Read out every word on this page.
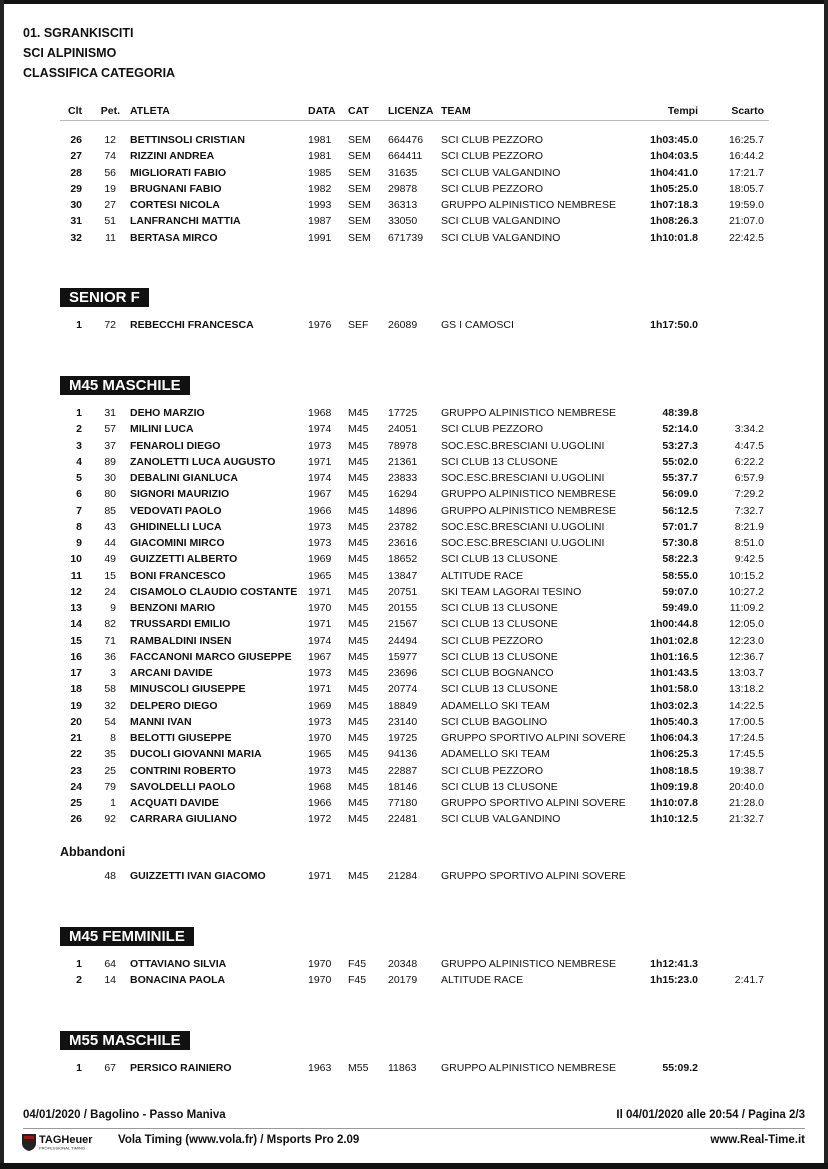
01. SGRANKISCITI
SCI ALPINISMO
CLASSIFICA CATEGORIA
Clt	Pet. ATLETA	DATA CAT LICENZA TEAM	Tempi	Scarto
26	12 BETTINSOLI CRISTIAN	1981 SEM 664476 SCI CLUB PEZZORO	1h03:45.0	16:25.7
27	74 RIZZINI ANDREA	1981 SEM 664411 SCI CLUB PEZZORO	1h04:03.5	16:44.2
28	56 MIGLIORATI FABIO	1985 SEM 31635 SCI CLUB VALGANDINO	1h04:41.0	17:21.7
29	19 BRUGNANI FABIO	1982 SEM 29878 SCI CLUB PEZZORO	1h05:25.0	18:05.7
30	27 CORTESI NICOLA	1993 SEM 36313 GRUPPO ALPINISTICO NEMBRESE	1h07:18.3	19:59.0
31	51 LANFRANCHI MATTIA	1987 SEM 33050 SCI CLUB VALGANDINO	1h08:26.3	21:07.0
32	11 BERTASA MIRCO	1991 SEM 671739 SCI CLUB VALGANDINO	1h10:01.8	22:42.5
1	72 REBECCHI FRANCESCA	1976 SEF 26089 GS I CAMOSCI	1h17:50.0
1	31 DEHO MARZIO	1968 M45 17725 GRUPPO ALPINISTICO NEMBRESE	48:39.8
2	57 MILINI LUCA	1974 M45 24051 SCI CLUB PEZZORO	52:14.0	3:34.2
3	37 FENAROLI DIEGO	1973 M45 78978 SOC.ESC.BRESCIANI U.UGOLINI	53:27.3	4:47.5
4	89 ZANOLETTI LUCA AUGUSTO	1971 M45 21361 SCI CLUB 13 CLUSONE	55:02.0	6:22.2
5	30 DEBALINI GIANLUCA	1974 M45 23833 SOC.ESC.BRESCIANI U.UGOLINI	55:37.7	6:57.9
6	80 SIGNORI MAURIZIO	1967 M45 16294 GRUPPO ALPINISTICO NEMBRESE	56:09.0	7:29.2
7	85 VEDOVATI PAOLO	1966 M45 14896 GRUPPO ALPINISTICO NEMBRESE	56:12.5	7:32.7
8	43 GHIDINELLI LUCA	1973 M45 23782 SOC.ESC.BRESCIANI U.UGOLINI	57:01.7	8:21.9
9	44 GIACOMINI MIRCO	1973 M45 23616 SOC.ESC.BRESCIANI U.UGOLINI	57:30.8	8:51.0
10	49 GUIZZETTI ALBERTO	1969 M45 18652 SCI CLUB 13 CLUSONE	58:22.3	9:42.5
11	15 BONI FRANCESCO	1965 M45 13847 ALTITUDE RACE	58:55.0	10:15.2
12	24 CISAMOLO CLAUDIO COSTANTE 1971 M45 20751 SKI TEAM LAGORAI TESINO	59:07.0	10:27.2
13	9 BENZONI MARIO	1970 M45 20155 SCI CLUB 13 CLUSONE	59:49.0	11:09.2
14	82 TRUSSARDI EMILIO	1971 M45 21567 SCI CLUB 13 CLUSONE	1h00:44.8	12:05.0
15	71 RAMBALDINI INSEN	1974 M45 24494 SCI CLUB PEZZORO	1h01:02.8	12:23.0
16	36 FACCANONI MARCO GIUSEPPE 1967 M45 15977 SCI CLUB 13 CLUSONE	1h01:16.5	12:36.7
17	3 ARCANI DAVIDE	1973 M45 23696 SCI CLUB BOGNANCO	1h01:43.5	13:03.7
18	58 MINUSCOLI GIUSEPPE	1971 M45 20774 SCI CLUB 13 CLUSONE	1h01:58.0	13:18.2
19	32 DELPERO DIEGO	1969 M45 18849 ADAMELLO SKI TEAM	1h03:02.3	14:22.5
20	54 MANNI IVAN	1973 M45 23140 SCI CLUB BAGOLINO	1h05:40.3	17:00.5
21	8 BELOTTI GIUSEPPE	1970 M45 19725 GRUPPO SPORTIVO ALPINI SOVERE	1h06:04.3	17:24.5
22	35 DUCOLI GIOVANNI MARIA	1965 M45 94136 ADAMELLO SKI TEAM	1h06:25.3	17:45.5
23	25 CONTRINI ROBERTO	1973 M45 22887 SCI CLUB PEZZORO	1h08:18.5	19:38.7
24	79 SAVOLDELLI PAOLO	1968 M45 18146 SCI CLUB 13 CLUSONE	1h09:19.8	20:40.0
25	1 ACQUATI DAVIDE	1966 M45 77180 GRUPPO SPORTIVO ALPINI SOVERE	1h10:07.8	21:28.0
26	92 CARRARA GIULIANO	1972 M45 22481 SCI CLUB VALGANDINO	1h10:12.5	21:32.7
48 GUIZZETTI IVAN GIACOMO	1971 M45 21284 GRUPPO SPORTIVO ALPINI SOVERE
1	64 OTTAVIANO SILVIA	1970 F45 20348 GRUPPO ALPINISTICO NEMBRESE	1h12:41.3
2	14 BONACINA PAOLA	1970 F45 20179 ALTITUDE RACE	1h15:23.0	2:41.7
1	67 PERSICO RAINIERO	1963 M55 11863 GRUPPO ALPINISTICO NEMBRESE	55:09.2
SENIOR F
M45 MASCHILE
Abbandoni
M45 FEMMINILE
M55 MASCHILE
04/01/2020 / Bagolino - Passo Maniva	Il 04/01/2020 alle 20:54 / Pagina 2/3
TAGHeuer
PROFESSIONAL TIMING
Vola Timing (www.vola.fr) / Msports Pro 2.09	www.Real-Time.it
